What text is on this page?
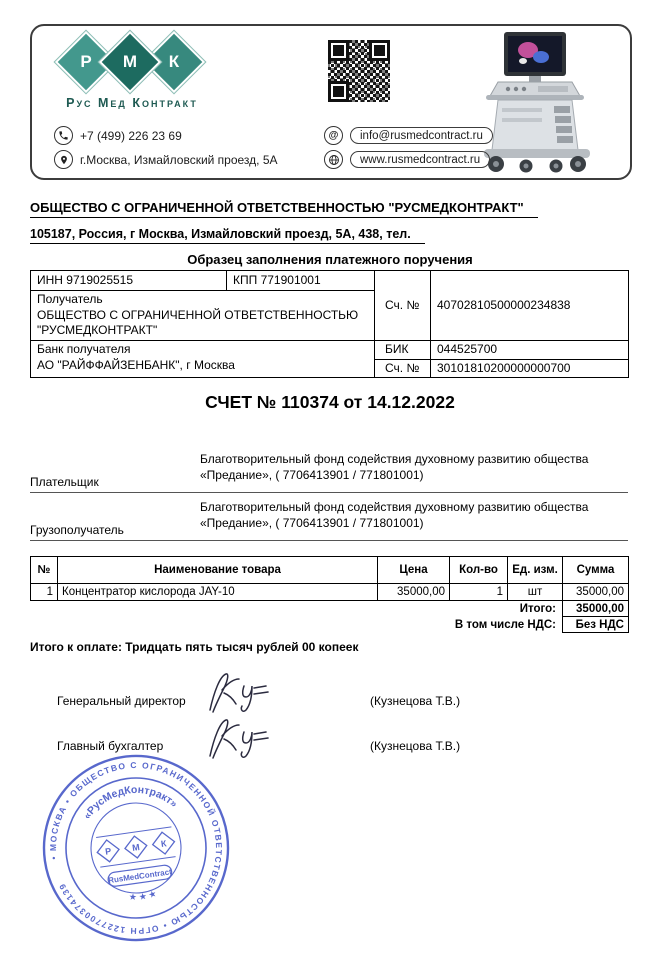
Р	М	К
Рус Мед Контракт
+7 (499) 226 23 69
г.Москва, Измайловский проезд, 5А
@	info@rusmedcontract.ru
www.rusmedcontract.ru
ОБЩЕСТВО С ОГРАНИЧЕННОЙ ОТВЕТСТВЕННОСТЬЮ "РУСМЕДКОНТРАКТ"
105187, Россия, г Москва, Измайловский проезд, 5А, 438, тел.
Образец заполнения платежного поручения
ИНН 9719025515	КПП 771901001	Сч. №	40702810500000234838

Получатель
ОБЩЕСТВО С ОГРАНИЧЕННОЙ ОТВЕТСТВЕННОСТЬЮ
"РУСМЕДКОНТРАКТ"			

Банк получателя
АО "РАЙФФАЙЗЕНБАНК", г Москва		БИК	044525700
		Сч. №	30101810200000000700
СЧЕТ № 110374 от 14.12.2022
Плательщик
Благотворительный фонд содействия духовному развитию общества
«Предание», ( 7706413901 / 771801001)
Грузополучатель
Благотворительный фонд содействия духовному развитию общества
«Предание», ( 7706413901 / 771801001)
№	Наименование товара	Цена	Кол-во	Ед. изм.	Сумма
1	Концентратор кислорода JAY-10	35000,00	1	шт	35000,00
			Итого:		35000,00
			В том числе НДС:		Без НДС
Итого к оплате: Тридцать пять тысяч рублей 00 копеек
Генеральный директор	(Кузнецова Т.В.)
Главный бухгалтер	(Кузнецова Т.В.)
• МОСКВА • ОБЩЕСТВО С ОГРАНИЧЕННОЙ ОТВЕТСТВЕННОСТЬЮ • ОГРН 1227700374139
«РусМедКонтракт»
★ ★ ★
Р М К
RusMedContract
